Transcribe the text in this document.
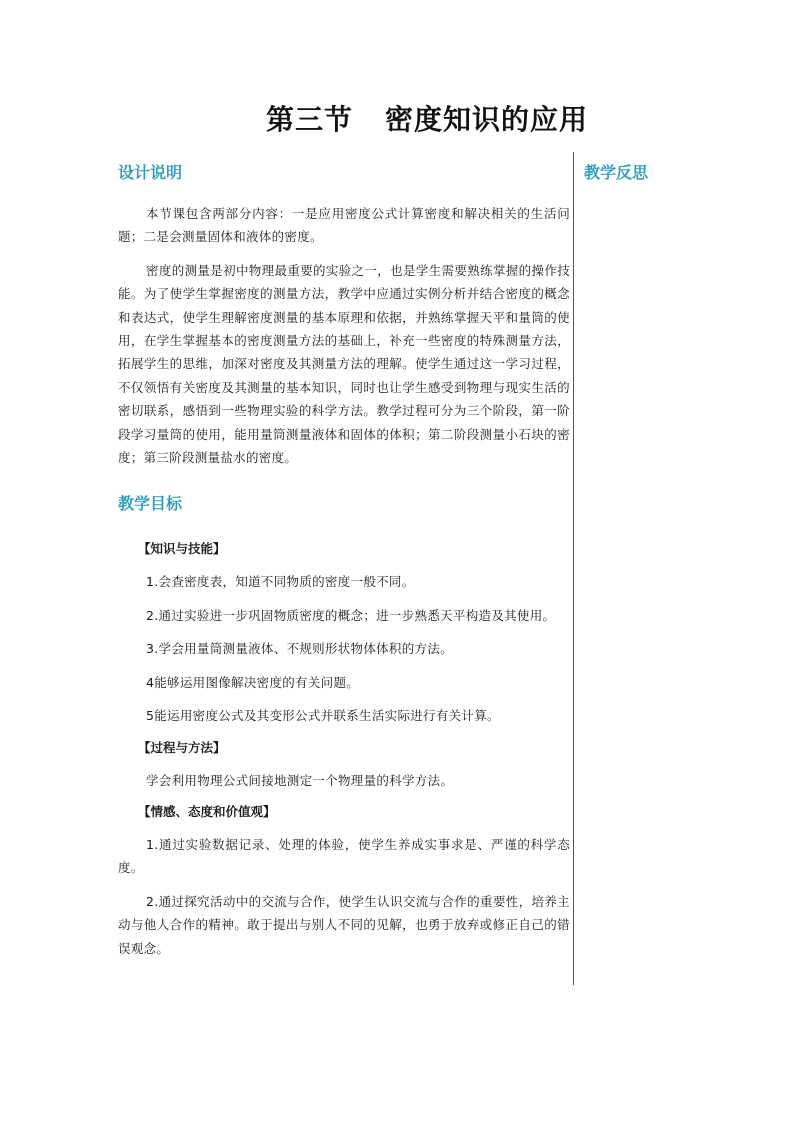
第三节 密度知识的应用
教学反思
设计说明

本节课包含两部分内容：一是应用密度公式计算密度和解决相关的生活问题；二是会测量固体和液体的密度。

密度的测量是初中物理最重要的实验之一，也是学生需要熟练掌握的操作技能。为了使学生掌握密度的测量方法，教学中应通过实例分析并结合密度的概念和表达式，使学生理解密度测量的基本原理和依据，并熟练掌握天平和量筒的使用，在学生掌握基本的密度测量方法的基础上，补充一些密度的特殊测量方法，拓展学生的思维，加深对密度及其测量方法的理解。使学生通过这一学习过程，不仅领悟有关密度及其测量的基本知识，同时也让学生感受到物理与现实生活的密切联系，感悟到一些物理实验的科学方法。教学过程可分为三个阶段，第一阶段学习量筒的使用，能用量筒测量液体和固体的体积；第二阶段测量小石块的密度；第三阶段测量盐水的密度。

教学目标

【知识与技能】

1.会查密度表，知道不同物质的密度一般不同。

2.通过实验进一步巩固物质密度的概念；进一步熟悉天平构造及其使用。

3.学会用量筒测量液体、不规则形状物体体积的方法。

4能够运用图像解决密度的有关问题。

5能运用密度公式及其变形公式并联系生活实际进行有关计算。

【过程与方法】

学会利用物理公式间接地测定一个物理量的科学方法。

【情感、态度和价值观】

1.通过实验数据记录、处理的体验，使学生养成实事求是、严谨的科学态度。

2.通过探究活动中的交流与合作，使学生认识交流与合作的重要性，培养主动与他人合作的精神。敢于提出与别人不同的见解，也勇于放弃或修正自己的错误观念。
